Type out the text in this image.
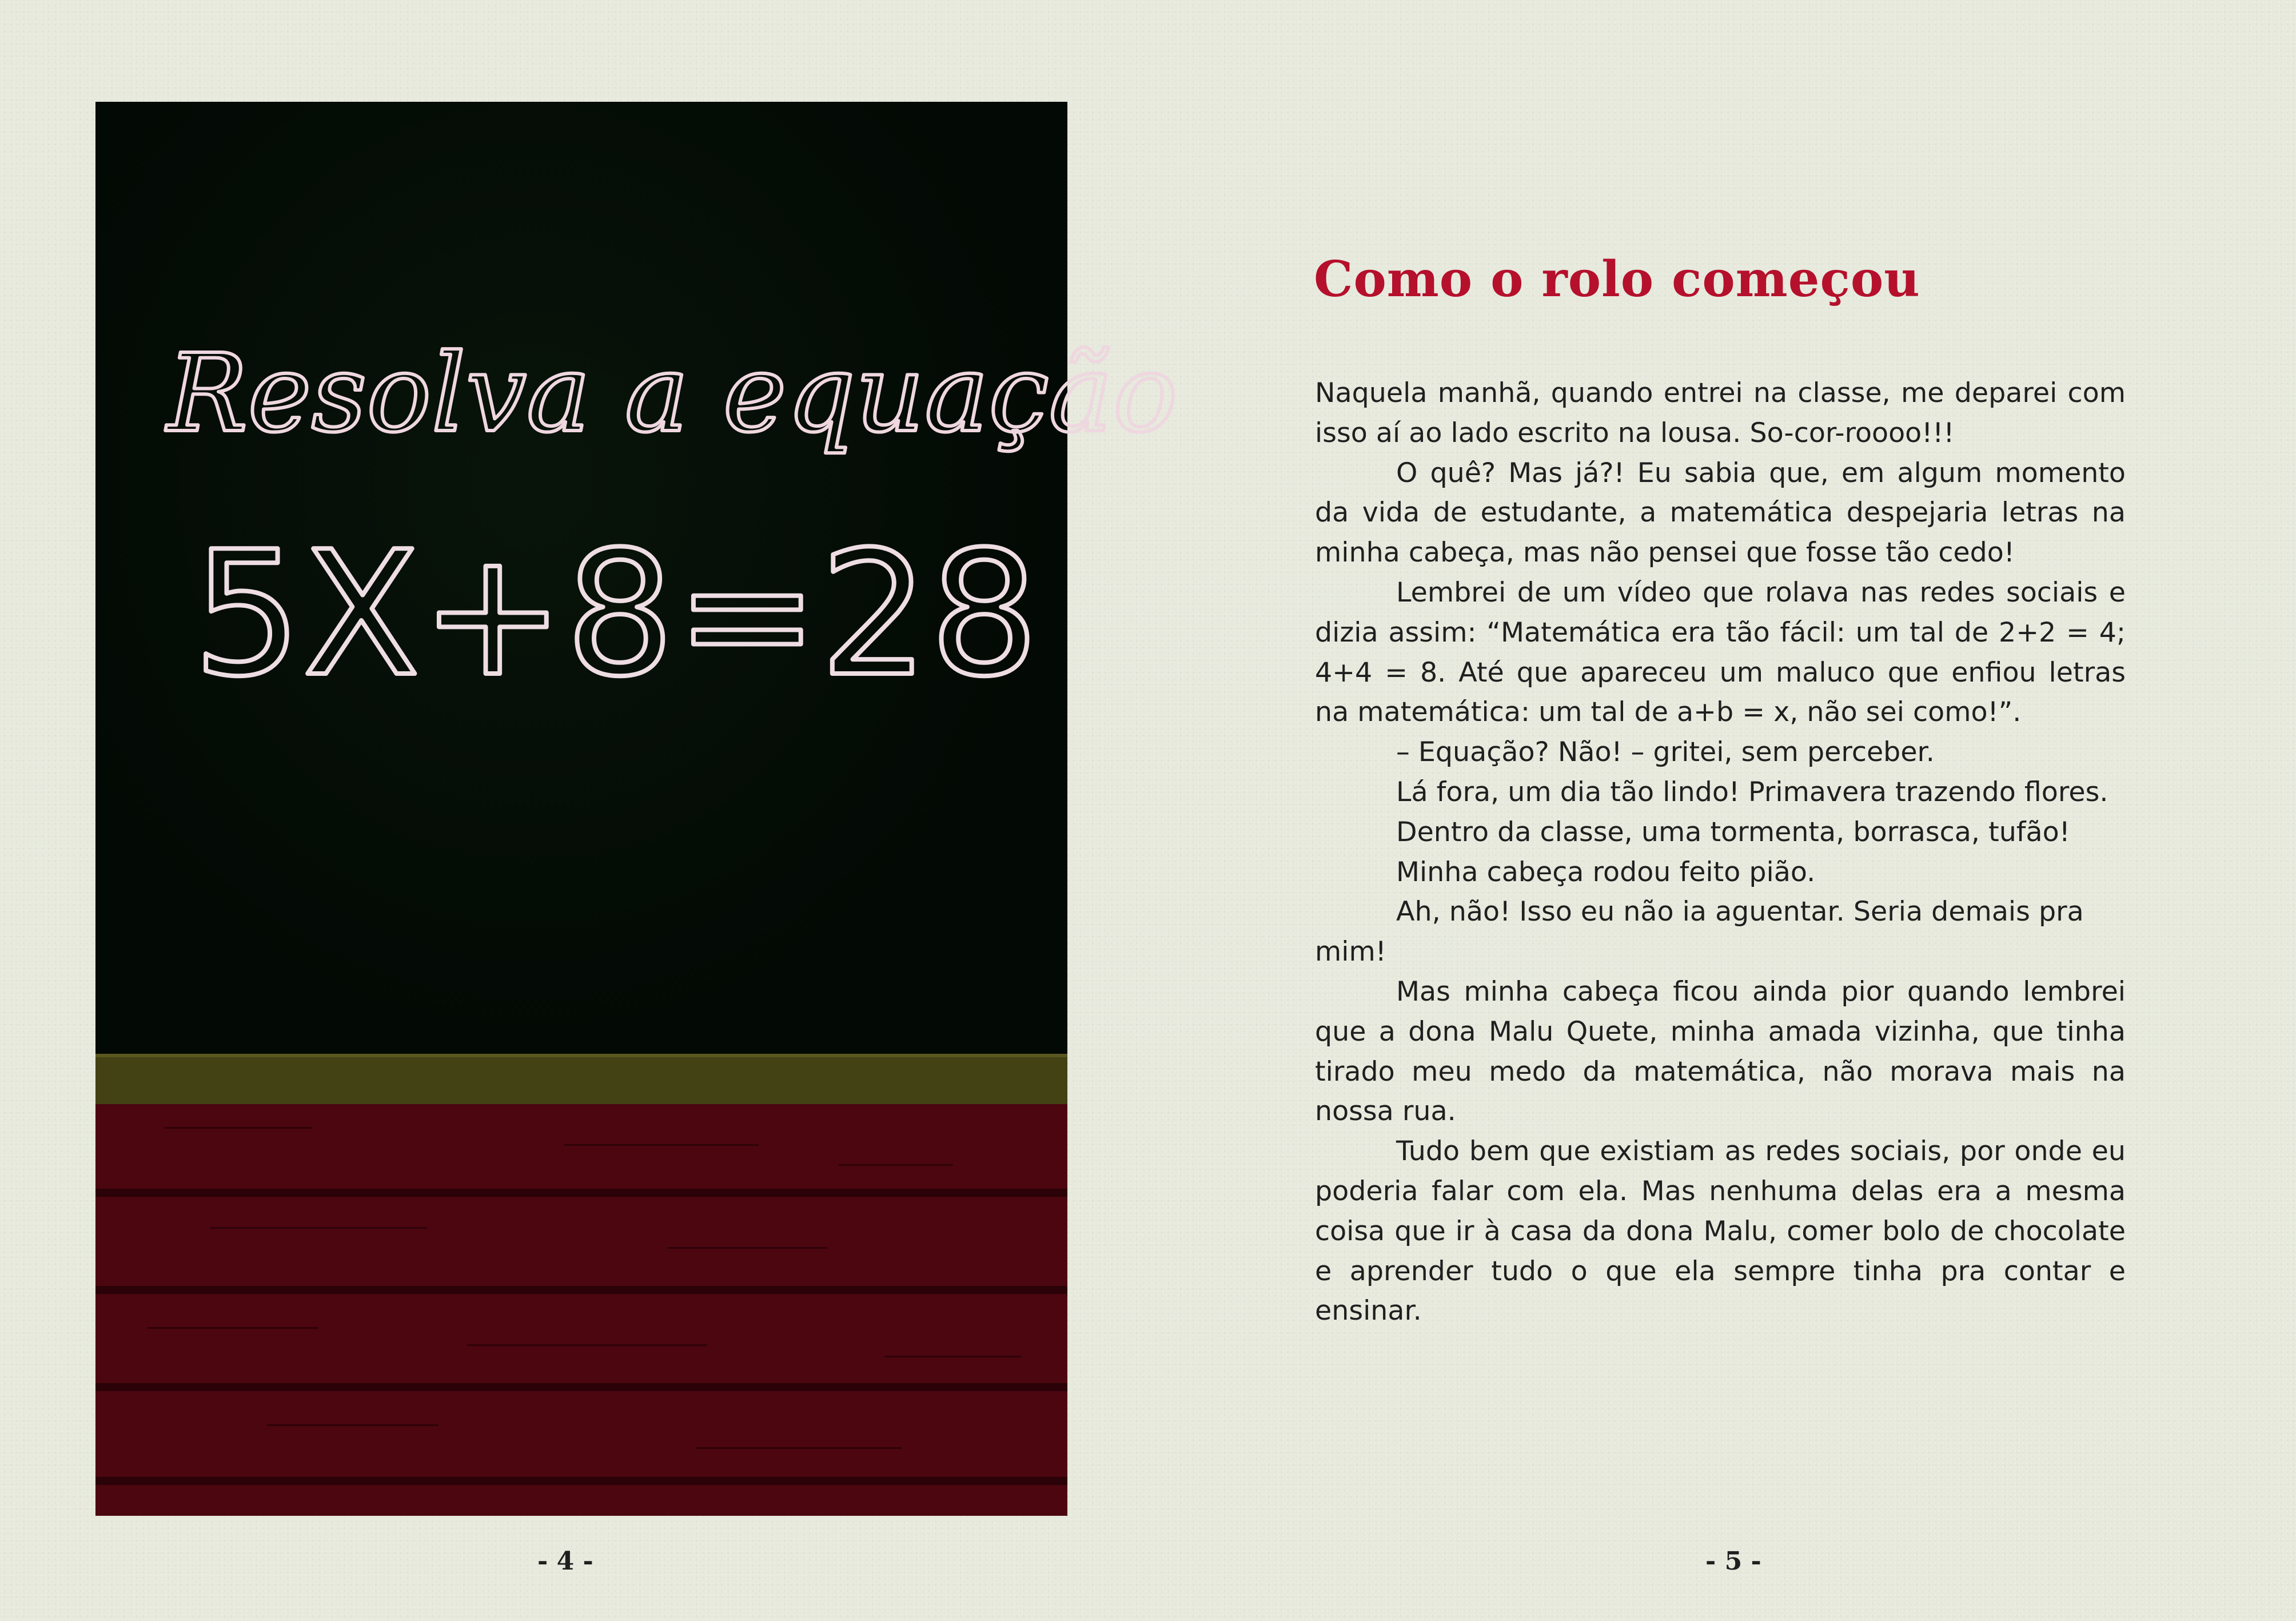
Resolva a equação
5X+8=28
- 4 -
Como o rolo começou

Naquela manhã, quando entrei na classe, me deparei com isso aí ao lado escrito na lousa. So-cor-roooo!!!

O quê? Mas já?! Eu sabia que, em algum momento da vida de estudante, a matemática despejaria letras na minha cabeça, mas não pensei que fosse tão cedo!

Lembrei de um vídeo que rolava nas redes sociais e dizia assim: “Matemática era tão fácil: um tal de 2+2 = 4; 4+4 = 8. Até que apareceu um maluco que enfiou letras na matemática: um tal de a+b = x, não sei como!”.

– Equação? Não! – gritei, sem perceber.

Lá fora, um dia tão lindo! Primavera trazendo flores.

Dentro da classe, uma tormenta, borrasca, tufão!

Minha cabeça rodou feito pião.

Ah, não! Isso eu não ia aguentar. Seria demais pra mim!

Mas minha cabeça ficou ainda pior quando lembrei que a dona Malu Quete, minha amada vizinha, que tinha tirado meu medo da matemática, não morava mais na nossa rua.

Tudo bem que existiam as redes sociais, por onde eu poderia falar com ela. Mas nenhuma delas era a mesma coisa que ir à casa da dona Malu, comer bolo de chocolate e aprender tudo o que ela sempre tinha pra contar e ensinar.

- 5 -
